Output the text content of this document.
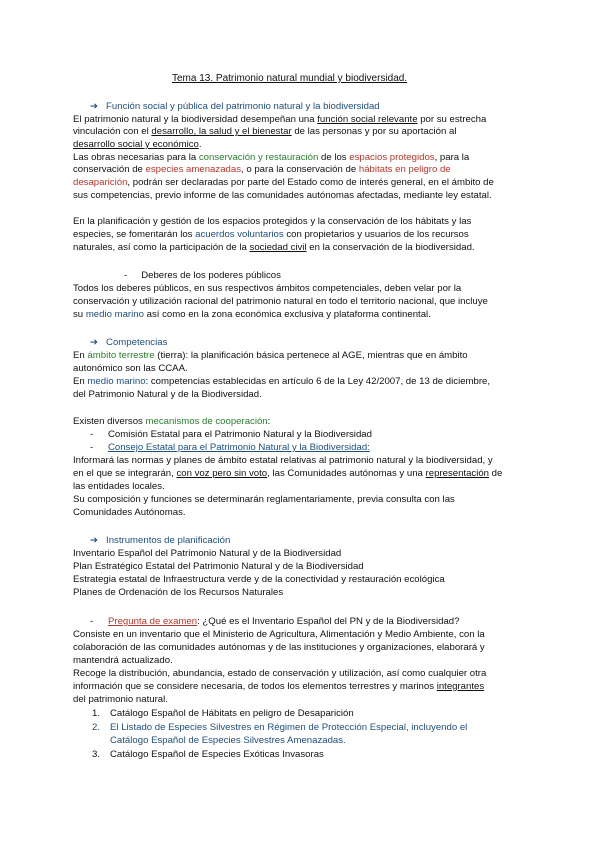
Tema 13. Patrimonio natural mundial y biodiversidad.
➔ Función social y pública del patrimonio natural y la biodiversidad
El patrimonio natural y la biodiversidad desempeñan una función social relevante por su estrecha
vinculación con el desarrollo, la salud y el bienestar de las personas y por su aportación al
desarrollo social y económico.
Las obras necesarias para la conservación y restauración de los espacios protegidos, para la
conservación de especies amenazadas, o para la conservación de hábitats en peligro de
desaparición, podrán ser declaradas por parte del Estado como de interés general, en el ámbito de
sus competencias, previo informe de las comunidades autónomas afectadas, mediante ley estatal.
En la planificación y gestión de los espacios protegidos y la conservación de los hábitats y las
especies, se fomentarán los acuerdos voluntarios con propietarios y usuarios de los recursos
naturales, así como la participación de la sociedad civil en la conservación de la biodiversidad.
- Deberes de los poderes públicos
Todos los deberes públicos, en sus respectivos ámbitos competenciales, deben velar por la
conservación y utilización racional del patrimonio natural en todo el territorio nacional, que incluye
su medio marino así como en la zona económica exclusiva y plataforma continental.
➔ Competencias
En ámbito terrestre (tierra): la planificación básica pertenece al AGE, mientras que en ámbito
autonómico son las CCAA.
En medio marino: competencias establecidas en artículo 6 de la Ley 42/2007, de 13 de diciembre,
del Patrimonio Natural y de la Biodiversidad.
Existen diversos mecanismos de cooperación:
- Comisión Estatal para el Patrimonio Natural y la Biodiversidad
- Consejo Estatal para el Patrimonio Natural y la Biodiversidad:
Informará las normas y planes de ámbito estatal relativas al patrimonio natural y la biodiversidad, y
en el que se integrarán, con voz pero sin voto, las Comunidades autónomas y una representación de
las entidades locales.
Su composición y funciones se determinarán reglamentariamente, previa consulta con las
Comunidades Autónomas.
➔ Instrumentos de planificación
Inventario Español del Patrimonio Natural y de la Biodiversidad
Plan Estratégico Estatal del Patrimonio Natural y de la Biodiversidad
Estrategia estatal de Infraestructura verde y de la conectividad y restauración ecológica
Planes de Ordenación de los Recursos Naturales
- Pregunta de examen: ¿Qué es el Inventario Español del PN y de la Biodiversidad?
Consiste en un inventario que el Ministerio de Agricultura, Alimentación y Medio Ambiente, con la
colaboración de las comunidades autónomas y de las instituciones y organizaciones, elaborará y
mantendrá actualizado.
Recoge la distribución, abundancia, estado de conservación y utilización, así como cualquier otra
información que se considere necesaria, de todos los elementos terrestres y marinos integrantes
del patrimonio natural.
1. Catálogo Español de Hábitats en peligro de Desaparición
2. El Listado de Especies Silvestres en Régimen de Protección Especial, incluyendo el
Catálogo Español de Especies Silvestres Amenazadas.
3. Catálogo Español de Especies Exóticas Invasoras
